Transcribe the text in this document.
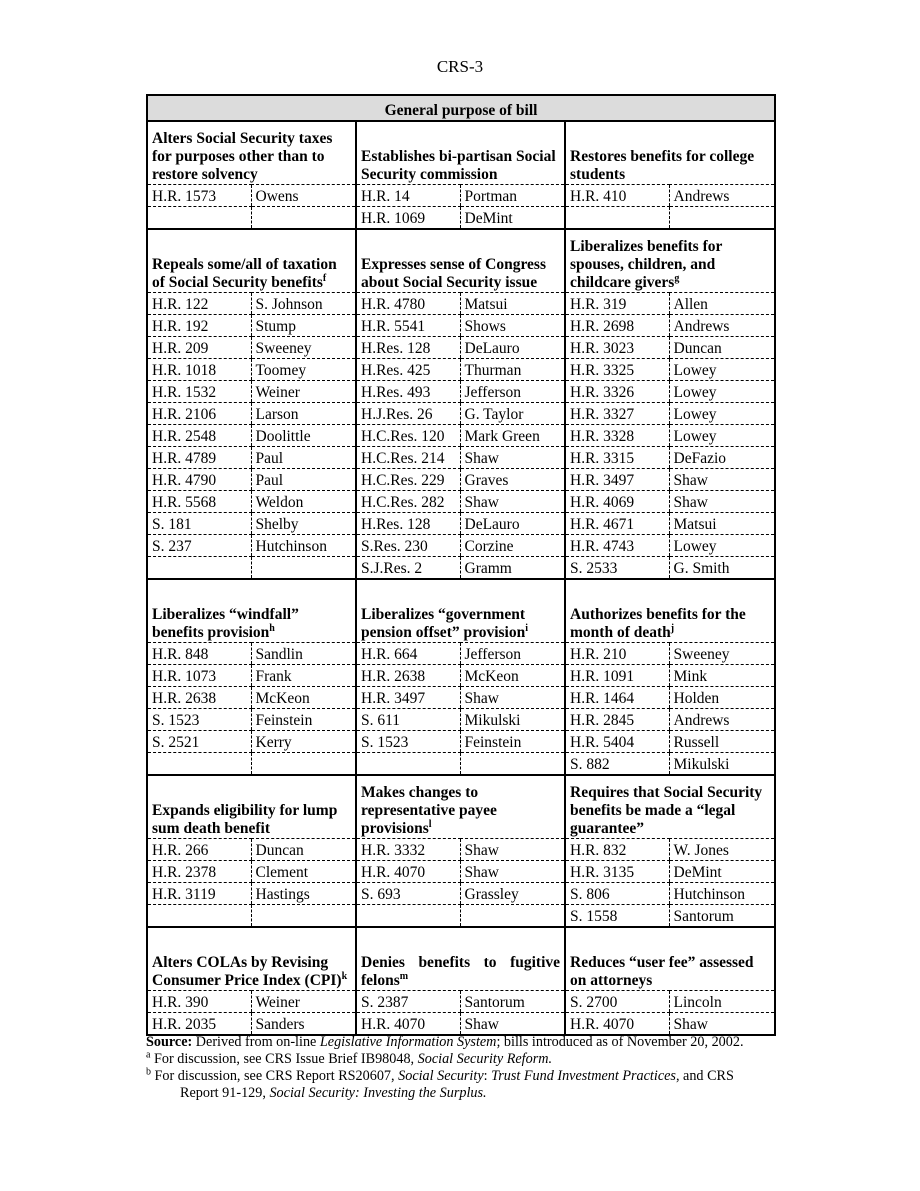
CRS-3
General purpose of bill					
Alters Social Security taxes for purposes other than to restore solvency		Establishes bi-partisan Social Security commission		Restores benefits for college students	
H.R. 1573	Owens	H.R. 14	Portman	H.R. 410	Andrews
		H.R. 1069	DeMint		
Repeals some/all of taxation of Social Security benefits$^f$		Expresses sense of Congress about Social Security issue		Liberalizes benefits for spouses, children, and childcare givers$^g$
H.R. 122	S. Johnson	H.R. 4780	Matsui	H.R. 319	Allen
H.R. 192	Stump	H.R. 5541	Shows	H.R. 2698	Andrews
H.R. 209	Sweeney	H.Res. 128	DeLauro	H.R. 3023	Duncan
H.R. 1018	Toomey	H.Res. 425	Thurman	H.R. 3325	Lowey
H.R. 1532	Weiner	H.Res. 493	Jefferson	H.R. 3326	Lowey
H.R. 2106	Larson	H.J.Res. 26	G. Taylor	H.R. 3327	Lowey
H.R. 2548	Doolittle	H.C.Res. 120	Mark Green	H.R. 3328	Lowey
H.R. 4789	Paul	H.C.Res. 214	Shaw	H.R. 3315	DeFazio
H.R. 4790	Paul	H.C.Res. 229	Graves	H.R. 3497	Shaw
H.R. 5568	Weldon	H.C.Res. 282	Shaw	H.R. 4069	Shaw
S. 181	Shelby	H.Res. 128	DeLauro	H.R. 4671	Matsui
S. 237	Hutchinson	S.Res. 230	Corzine	H.R. 4743	Lowey
		S.J.Res. 2	Gramm	S. 2533	G. Smith
Liberalizes “windfall” benefits provision$^h$		Liberalizes “government pension offset” provision$^i$		Authorizes benefits for the month of death$^j$
H.R. 848	Sandlin	H.R. 664	Jefferson	H.R. 210	Sweeney
H.R. 1073	Frank	H.R. 2638	McKeon	H.R. 1091	Mink
H.R. 2638	McKeon	H.R. 3497	Shaw	H.R. 1464	Holden
S. 1523	Feinstein	S. 611	Mikulski	H.R. 2845	Andrews
S. 2521	Kerry	S. 1523	Feinstein	H.R. 5404	Russell
				S. 882	Mikulski
Expands eligibility for lump sum death benefit		Makes changes to representative payee provisions$^l$		Requires that Social Security benefits be made a “legal guarantee”	
H.R. 266	Duncan	H.R. 3332	Shaw	H.R. 832	W. Jones
H.R. 2378	Clement	H.R. 4070	Shaw	H.R. 3135	DeMint
H.R. 3119	Hastings	S. 693	Grassley	S. 806	Hutchinson
				S. 1558	Santorum
Alters COLAs by Revising Consumer Price Index (CPI)$^k$		Denies benefits to fugitive felons$^m$		Reduces “user fee” assessed on attorneys	
H.R. 390	Weiner	S. 2387	Santorum	S. 2700	Lincoln
H.R. 2035	Sanders	H.R. 4070	Shaw	H.R. 4070	Shaw

Source: Derived from on-line Legislative Information System; bills introduced as of November 20, 2002.

$^a$ For discussion, see CRS Issue Brief IB98048, Social Security Reform.

$^b$ For discussion, see CRS Report RS20607, Social Security: Trust Fund Investment Practices, and CRS Report 91-129, Social Security: Investing the Surplus.
